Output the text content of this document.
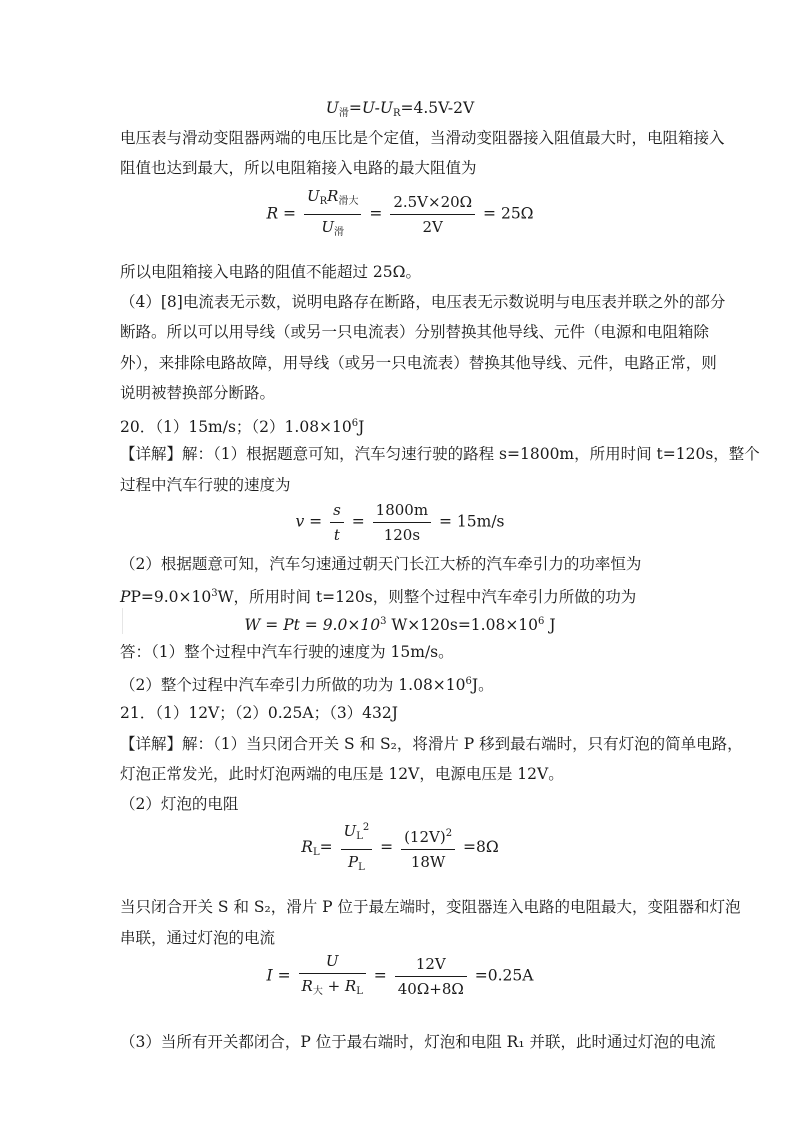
$U_滑=U-U_R=4.5V-2V$
电压表与滑动变阻器两端的电压比是个定值，当滑动变阻器接入阻值最大时，电阻箱接入
阻值也达到最大，所以电阻箱接入电路的最大阻值为
$R = \frac{U_RR_{滑大}}{U_滑} = \frac{2.5V\times 20\Omega}{2V} = 25\Omega$
所以电阻箱接入电路的阻值不能超过 25Ω。
（4）[8]电流表无示数，说明电路存在断路，电压表无示数说明与电压表并联之外的部分
断路。所以可以用导线（或另一只电流表）分别替换其他导线、元件（电源和电阻箱除
外），来排除电路故障，用导线（或另一只电流表）替换其他导线、元件，电路正常，则
说明被替换部分断路。
20．（1）15m/s；$(2)1.08\times 10^6J$
【详解】解：（1）根据题意可知，汽车匀速行驶的路程 s=1800m，所用时间 t=120s，整个
过程中汽车行驶的速度为
$v = \frac{s}{t} = \frac{1800m}{120s} = 15m/s$
（2）根据题意可知，汽车匀速通过朝天门长江大桥的汽车牵引力的功率恒为
$PP=9.0\times 10^3W$，所用时间 t=120s，则整个过程中汽车牵引力所做的功为
$W = Pt = 9.0\times 10^3$ $W\times 120s=1.08\times 10^6$ J
答：（1）整个过程中汽车行驶的速度为 15m/s。
（2）整个过程中汽车牵引力所做的功为 $1.08\times 10^6J$。
21．（1）12V；（2）0.25A；（3）432J
【详解】解：（1）当只闭合开关 S 和 S₂，将滑片 P 移到最右端时，只有灯泡的简单电路，
灯泡正常发光，此时灯泡两端的电压是 12V，电源电压是 12V。
（2）灯泡的电阻
$R_L= \frac{U_L^2}{P_L} = \frac{(12V)^2}{18W} =8\Omega$
当只闭合开关 S 和 S₂，滑片 P 位于最左端时，变阻器连入电路的电阻最大，变阻器和灯泡
串联，通过灯泡的电流
$I = \frac{U}{R_大 + R_L} = \frac{12V}{40\Omega+8\Omega} =0.25A$
（3）当所有开关都闭合，P 位于最右端时，灯泡和电阻 R₁ 并联，此时通过灯泡的电流
